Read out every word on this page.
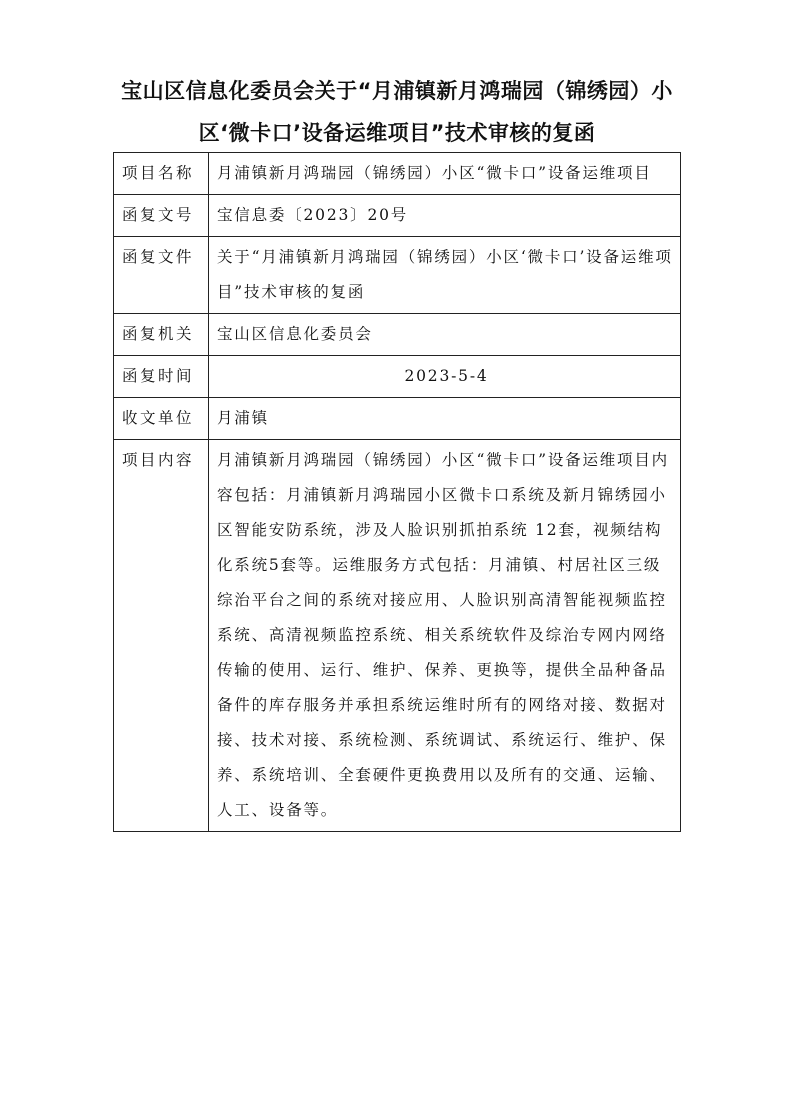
宝山区信息化委员会关于“月浦镇新月鸿瑞园（锦绣园）小
区‘微卡口’设备运维项目”技术审核的复函
项目名称	月浦镇新月鸿瑞园（锦绣园）小区“微卡口”设备运维项目
函复文号	宝信息委〔2023〕20号
函复文件	关于“月浦镇新月鸿瑞园（锦绣园）小区‘微卡口’设备运维项目”技术审核的复函
函复机关	宝山区信息化委员会
函复时间	2023-5-4
收文单位	月浦镇
项目内容	月浦镇新月鸿瑞园（锦绣园）小区“微卡口”设备运维项目内容包括：月浦镇新月鸿瑞园小区微卡口系统及新月锦绣园小区智能安防系统，涉及人脸识别抓拍系统 12套，视频结构化系统5套等。运维服务方式包括：月浦镇、村居社区三级综治平台之间的系统对接应用、人脸识别高清智能视频监控系统、高清视频监控系统、相关系统软件及综治专网内网络传输的使用、运行、维护、保养、更换等，提供全品种备品备件的库存服务并承担系统运维时所有的网络对接、数据对接、技术对接、系统检测、系统调试、系统运行、维护、保养、系统培训、全套硬件更换费用以及所有的交通、运输、人工、设备等。
